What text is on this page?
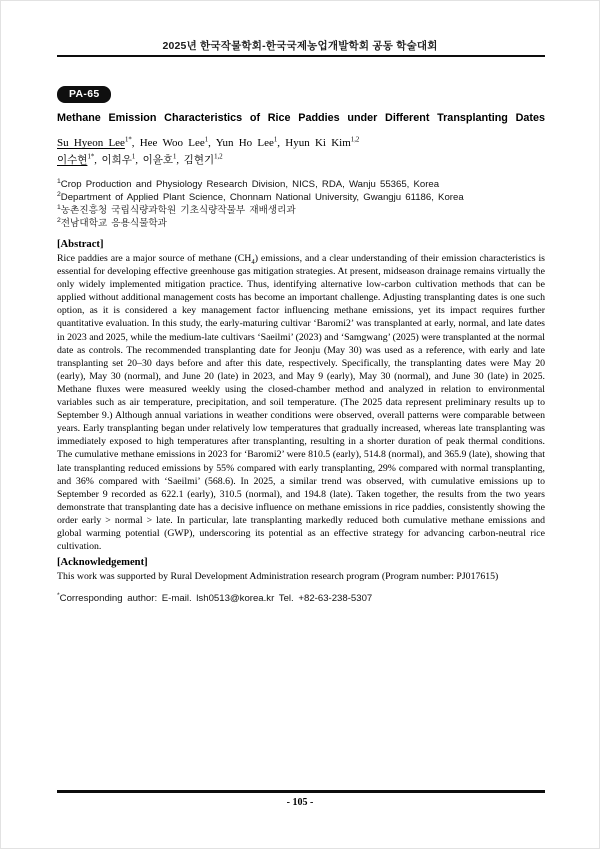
2025년 한국작물학회-한국국제농업개발학회 공동 학술대회
PA-65
Methane Emission Characteristics of Rice Paddies under Different Transplanting Dates
Su Hyeon Lee$^{1*}$, Hee Woo Lee$^1$, Yun Ho Lee$^1$, Hyun Ki Kim$^{1,2}$
이수현$^{1*}$, 이희우$^1$, 이윤호$^1$, 김현기$^{1,2}$
$^1$Crop Production and Physiology Research Division, NICS, RDA, Wanju 55365, Korea
$^2$Department of Applied Plant Science, Chonnam National University, Gwangju 61186, Korea
$^1$농촌진흥청 국립식량과학원 기초식량작물부 재배생리과
$^2$전남대학교 응용식물학과
[Abstract]
Rice paddies are a major source of methane $(CH_4)$ emissions, and a clear understanding of their emission characteristics is essential for developing effective greenhouse gas mitigation strategies. At present, midseason drainage remains virtually the only widely implemented mitigation practice. Thus, identifying alternative low-carbon cultivation methods that can be applied without additional management costs has become an important challenge. Adjusting transplanting dates is one such option, as it is considered a key management factor influencing methane emissions, yet its impact requires further quantitative evaluation. In this study, the early-maturing cultivar ‘Baromi2’ was transplanted at early, normal, and late dates in 2023 and 2025, while the medium-late cultivars ‘Saeilmi’ (2023) and ‘Samgwang’ (2025) were transplanted at the normal date as controls. The recommended transplanting date for Jeonju (May 30) was used as a reference, with early and late transplanting set 20–30 days before and after this date, respectively. Specifically, the transplanting dates were May 20 (early), May 30 (normal), and June 20 (late) in 2023, and May 9 (early), May 30 (normal), and June 30 (late) in 2025. Methane fluxes were measured weekly using the closed-chamber method and analyzed in relation to environmental variables such as air temperature, precipitation, and soil temperature. (The 2025 data represent preliminary results up to September 9.) Although annual variations in weather conditions were observed, overall patterns were comparable between years. Early transplanting began under relatively low temperatures that gradually increased, whereas late transplanting was immediately exposed to high temperatures after transplanting, resulting in a shorter duration of peak thermal conditions. The cumulative methane emissions in 2023 for ‘Baromi2’ were 810.5 (early), 514.8 (normal), and 365.9 (late), showing that late transplanting reduced emissions by 55% compared with early transplanting, 29% compared with normal transplanting, and 36% compared with ‘Saeilmi’ (568.6). In 2025, a similar trend was observed, with cumulative emissions up to September 9 recorded as 622.1 (early), 310.5 (normal), and 194.8 (late). Taken together, the results from the two years demonstrate that transplanting date has a decisive influence on methane emissions in rice paddies, consistently showing the order early > normal > late. In particular, late transplanting markedly reduced both cumulative methane emissions and global warming potential (GWP), underscoring its potential as an effective strategy for advancing carbon-neutral rice cultivation.
[Acknowledgement]
This work was supported by Rural Development Administration research program (Program number: PJ017615)
*Corresponding author: E-mail. lsh0513@korea.kr Tel. +82-63-238-5307
- 105 -
